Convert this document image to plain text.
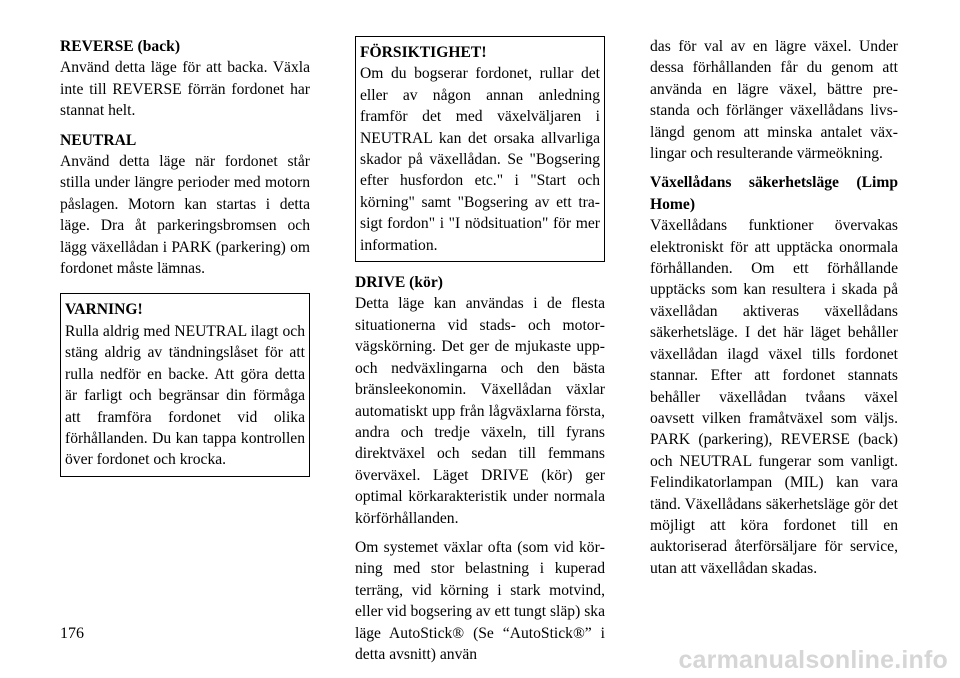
REVERSE (back)
Använd detta läge för att backa. Växla inte till REVERSE förrän fordonet har stannat helt.

NEUTRAL
Använd detta läge när fordonet står stilla under längre perioder med motorn påslagen. Motorn kan startas i detta läge. Dra åt parkeringsbromsen och lägg växellådan i PARK (parkering) om fordonet måste lämnas.

VARNING!
Rulla aldrig med NEUTRAL ilagt och stäng aldrig av tändningslåset för att rulla nedför en backe. Att göra detta är farligt och begränsar din förmåga att framföra fordonet vid olika förhållanden. Du kan tappa kontrollen över fordonet och krocka.
FÖRSIKTIGHET!
Om du bogserar fordonet, rullar det eller av någon annan anledning framför det med växelväljaren i NEUTRAL kan det orsaka allvarliga skador på växellådan. Se "Bogsering efter husfordon etc." i "Start och körning" samt "Bogsering av ett trasigt fordon" i "I nödsituation" för mer information.

DRIVE (kör)
Detta läge kan användas i de flesta situationerna vid stads- och motorvägskörning. Det ger de mjukaste upp- och nedväxlingarna och den bästa bränsleekonomin. Växellådan växlar automatiskt upp från lågväxlarna första, andra och tredje växeln, till fyrans direktväxel och sedan till femmans överväxel. Läget DRIVE (kör) ger optimal körkarakteristik under normala körförhållanden.

Om systemet växlar ofta (som vid körning med stor belastning i kuperad terräng, vid körning i stark motvind, eller vid bogsering av ett tungt släp) ska läge AutoStick® (Se “AutoStick®” i detta avsnitt) använ

das för val av en lägre växel. Under dessa förhållanden får du genom att använda en lägre växel, bättre prestanda och förlänger växellådans livslängd genom att minska antalet växlingar och resulterande värmeökning.

Växellådans säkerhetsläge (Limp Home)
Växellådans funktioner övervakas elektroniskt för att upptäcka onormala förhållanden. Om ett förhållande upptäcks som kan resultera i skada på växellådan aktiveras växellådans säkerhetsläge. I det här läget behåller växellådan ilagd växel tills fordonet stannar. Efter att fordonet stannats behåller växellådan tvåans växel oavsett vilken framåtväxel som väljs. PARK (parkering), REVERSE (back) och NEUTRAL fungerar som vanligt. Felindikatorlampan (MIL) kan vara tänd. Växellådans säkerhetsläge gör det möjligt att köra fordonet till en auktoriserad återförsäljare för service, utan att växellådan skadas.

176
carmanualsonline.info
